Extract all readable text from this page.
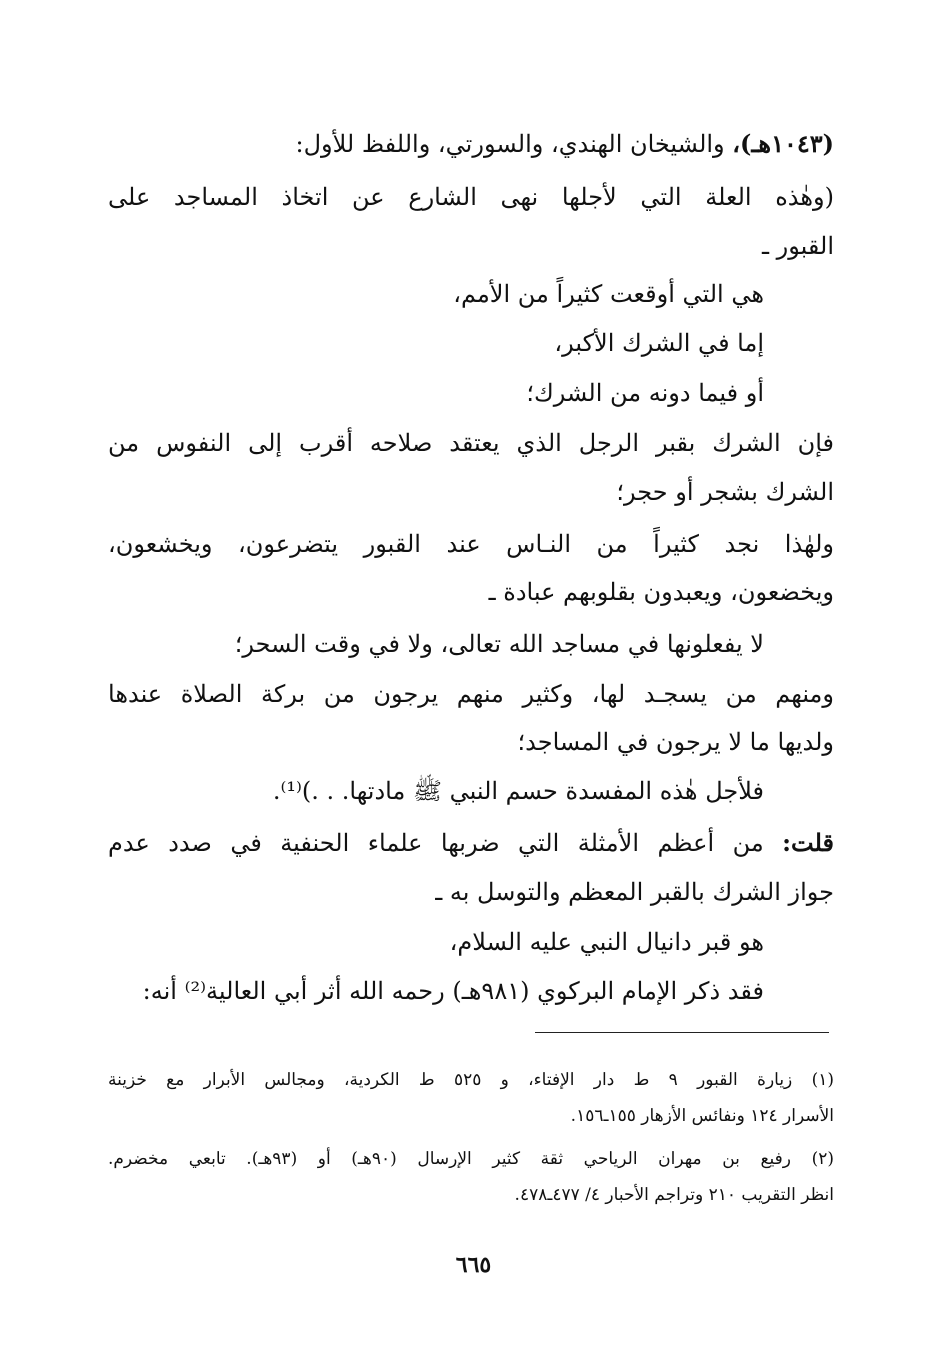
(١٠٤٣هـ)، والشيخان الهندي، والسورتي، واللفظ للأول:
(وهٰذه العلة التي لأجلها نهى الشارع عن اتخاذ المساجد على
القبور ـ
هي التي أوقعت كثيراً من الأمم،
إما في الشرك الأكبر،
أو فيما دونه من الشرك؛
فإن الشرك بقبر الرجل الذي يعتقد صلاحه أقرب إلى النفوس من
الشرك بشجر أو حجر؛
ولهٰذا نجد كثيراً من النـاس عند القبور يتضرعون، ويخشعون،
ويخضعون، ويعبدون بقلوبهم عبادة ـ
لا يفعلونها في مساجد الله تعالى، ولا في وقت السحر؛
ومنهم من يسجـد لها، وكثير منهم يرجون من بركة الصلاة عندها
ولديها ما لا يرجون في المساجد؛
فلأجل هٰذه المفسدة حسم النبي ﷺ مادتها. . .)⁽¹⁾.
قلت: من أعظم الأمثلة التي ضربها علماء الحنفية في صدد عدم
جواز الشرك بالقبر المعظم والتوسل به ـ
هو قبر دانيال النبي عليه السلام،
فقد ذكر الإمام البركوي (٩٨١هـ) رحمه الله أثر أبي العالية⁽²⁾ أنه:
(١) زيارة القبور ٩ ط دار الإفتاء، و ٥٢٥ ط الكردية، ومجالس الأبرار مع خزينة
الأسرار ١٢٤ ونفائس الأزهار ١٥٥ـ١٥٦.
(٢) رفيع بن مهران الرياحي ثقة كثير الإرسال (٩٠هـ) أو (٩٣هـ). تابعي مخضرم.
انظر التقريب ٢١٠ وتراجم الأحبار ٤/ ٤٧٧ـ٤٧٨.
٦٦٥
